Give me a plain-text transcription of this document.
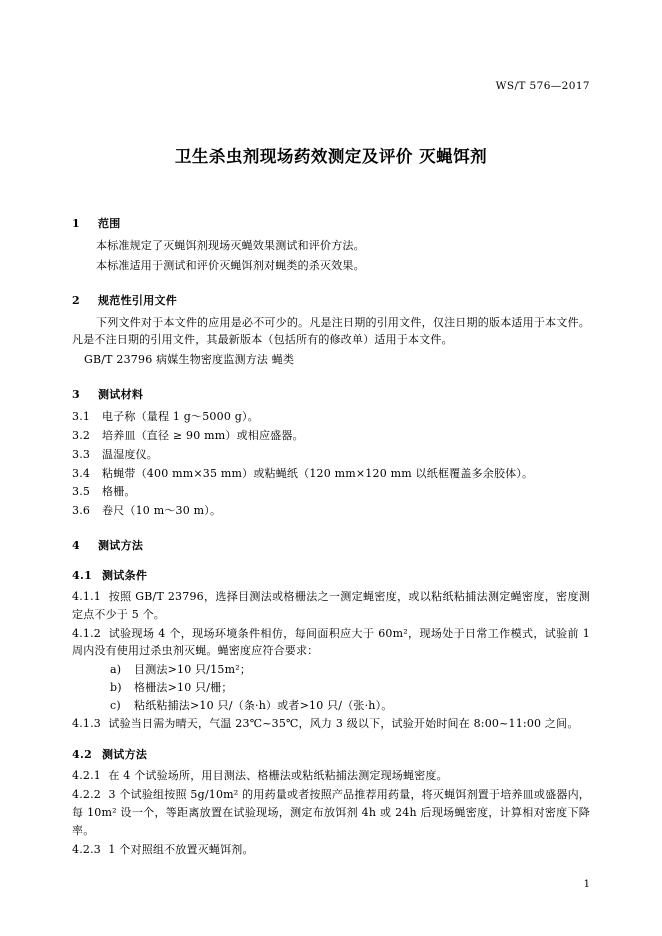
WS/T 576—2017
卫生杀虫剂现场药效测定及评价 灭蝇饵剂
1 范围

本标准规定了灭蝇饵剂现场灭蝇效果测试和评价方法。

本标准适用于测试和评价灭蝇饵剂对蝇类的杀灭效果。

2 规范性引用文件

下列文件对于本文件的应用是必不可少的。凡是注日期的引用文件，仅注日期的版本适用于本文件。凡是不注日期的引用文件，其最新版本（包括所有的修改单）适用于本文件。

GB/T 23796 病媒生物密度监测方法 蝇类

3 测试材料

3.1 电子称（量程 1 g～5000 g）。

3.2 培养皿（直径 ≥ 90 mm）或相应盛器。

3.3 温湿度仪。

3.4 粘蝇带（400 mm×35 mm）或粘蝇纸（120 mm×120 mm 以纸框覆盖多余胶体）。

3.5 格栅。

3.6 卷尺（10 m～30 m）。

4 测试方法
4.1 测试条件

4.1.1 按照 GB/T 23796，选择目测法或格栅法之一测定蝇密度，或以粘纸粘捕法测定蝇密度，密度测定点不少于 5 个。

4.1.2 试验现场 4 个，现场环境条件相仿，每间面积应大于 60m²，现场处于日常工作模式，试验前 1 周内没有使用过杀虫剂灭蝇。蝇密度应符合要求：

a) 目测法>10 只/15m²；
b) 格栅法>10 只/栅；
c) 粘纸粘捕法>10 只/（条·h）或者>10 只/（张·h）。

4.1.3 试验当日需为晴天，气温 23℃~35℃，风力 3 级以下，试验开始时间在 8:00~11:00 之间。

4.2 测试方法

4.2.1 在 4 个试验场所，用目测法、格栅法或粘纸粘捕法测定现场蝇密度。

4.2.2 3 个试验组按照 5g/10m² 的用药量或者按照产品推荐用药量，将灭蝇饵剂置于培养皿或盛器内，每 10m² 设一个，等距离放置在试验现场，测定布放饵剂 4h 或 24h 后现场蝇密度，计算相对密度下降率。

4.2.3 1 个对照组不放置灭蝇饵剂。

1
